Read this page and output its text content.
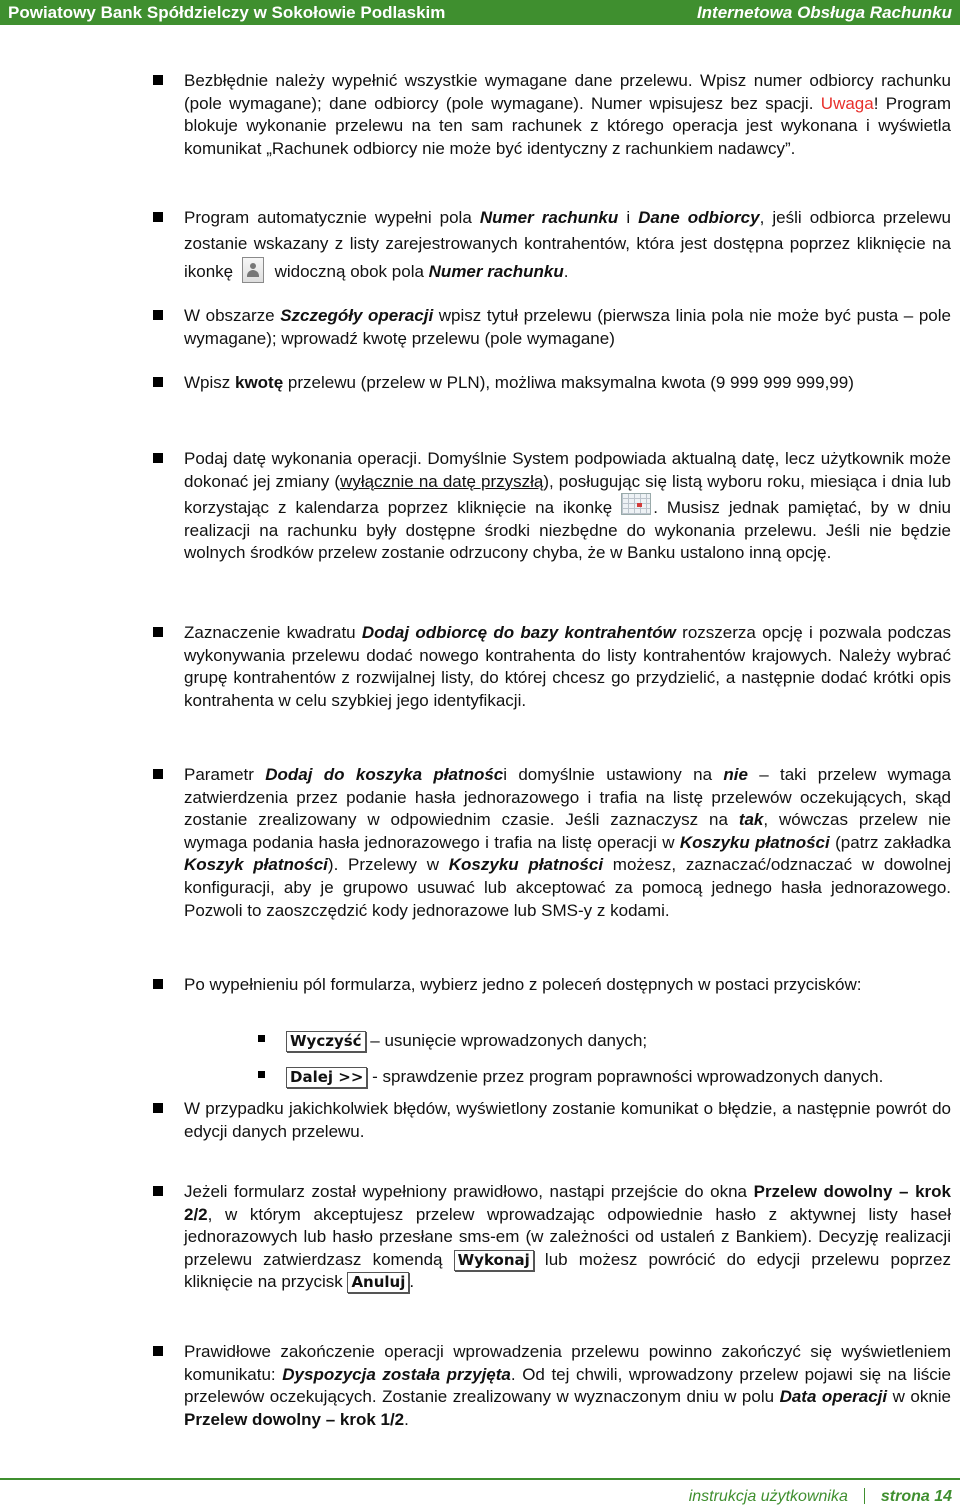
Powiatowy Bank Spółdzielczy w Sokołowie Podlaskim	Internetowa Obsługa Rachunku

Bezbłędnie należy wypełnić wszystkie wymagane dane przelewu. Wpisz numer odbiorcy rachunku (pole wymagane); dane odbiorcy (pole wymagane). Numer wpisujesz bez spacji. Uwaga! Program blokuje wykonanie przelewu na ten sam rachunek z którego operacja jest wykonana i wyświetla komunikat „Rachunek odbiorcy nie może być identyczny z rachunkiem nadawcy”.

Program automatycznie wypełni pola Numer rachunku i Dane odbiorcy, jeśli odbiorca przelewu zostanie wskazany z listy zarejestrowanych kontrahentów, która jest dostępna poprzez kliknięcie na ikonkę  widoczną obok pola Numer rachunku.

W obszarze Szczegóły operacji wpisz tytuł przelewu (pierwsza linia pola nie może być pusta – pole wymagane); wprowadź kwotę przelewu (pole wymagane)

Wpisz kwotę przelewu (przelew w PLN), możliwa maksymalna kwota (9 999 999 999,99)

Podaj datę wykonania operacji. Domyślnie System podpowiada aktualną datę, lecz użytkownik może dokonać jej zmiany (wyłącznie na datę przyszłą), posługując się listą wyboru roku, miesiąca i dnia lub korzystając z kalendarza poprzez kliknięcie na ikonkę . Musisz jednak pamiętać, by w dniu realizacji na rachunku były dostępne środki niezbędne do wykonania przelewu. Jeśli nie będzie wolnych środków przelew zostanie odrzucony chyba, że w Banku ustalono inną opcję.

Zaznaczenie kwadratu Dodaj odbiorcę do bazy kontrahentów rozszerza opcję i pozwala podczas wykonywania przelewu dodać nowego kontrahenta do listy kontrahentów krajowych. Należy wybrać grupę kontrahentów z rozwijalnej listy, do której chcesz go przydzielić, a następnie dodać krótki opis kontrahenta w celu szybkiej jego identyfikacji.

Parametr Dodaj do koszyka płatności domyślnie ustawiony na nie – taki przelew wymaga zatwierdzenia przez podanie hasła jednorazowego i trafia na listę przelewów oczekujących, skąd zostanie zrealizowany w odpowiednim czasie. Jeśli zaznaczysz na tak, wówczas przelew nie wymaga podania hasła jednorazowego i trafia na listę operacji w Koszyku płatności (patrz zakładka Koszyk płatności). Przelewy w Koszyku płatności możesz, zaznaczać/odznaczać w dowolnej konfiguracji, aby je grupowo usuwać lub akceptować za pomocą jednego hasła jednorazowego. Pozwoli to zaoszczędzić kody jednorazowe lub SMS-y z kodami.

Po wypełnieniu pól formularza, wybierz jedno z poleceń dostępnych w postaci przycisków:

Wyczyść – usunięcie wprowadzonych danych;
Dalej >> - sprawdzenie przez program poprawności wprowadzonych danych.

W przypadku jakichkolwiek błędów, wyświetlony zostanie komunikat o błędzie, a następnie powrót do edycji danych przelewu.

Jeżeli formularz został wypełniony prawidłowo, nastąpi przejście do okna Przelew dowolny – krok 2/2, w którym akceptujesz przelew wprowadzając odpowiednie hasło z aktywnej listy haseł jednorazowych lub hasło przesłane sms-em (w zależności od ustaleń z Bankiem). Decyzję realizacji przelewu zatwierdzasz komendą Wykonaj lub możesz powrócić do edycji przelewu poprzez kliknięcie na przycisk Anuluj .

Prawidłowe zakończenie operacji wprowadzenia przelewu powinno zakończyć się wyświetleniem komunikatu: Dyspozycja została przyjęta. Od tej chwili, wprowadzony przelew pojawi się na liście przelewów oczekujących. Zostanie zrealizowany w wyznaczonym dniu w polu Data operacji w oknie Przelew dowolny – krok 1/2.

instrukcja użytkownika strona 14
